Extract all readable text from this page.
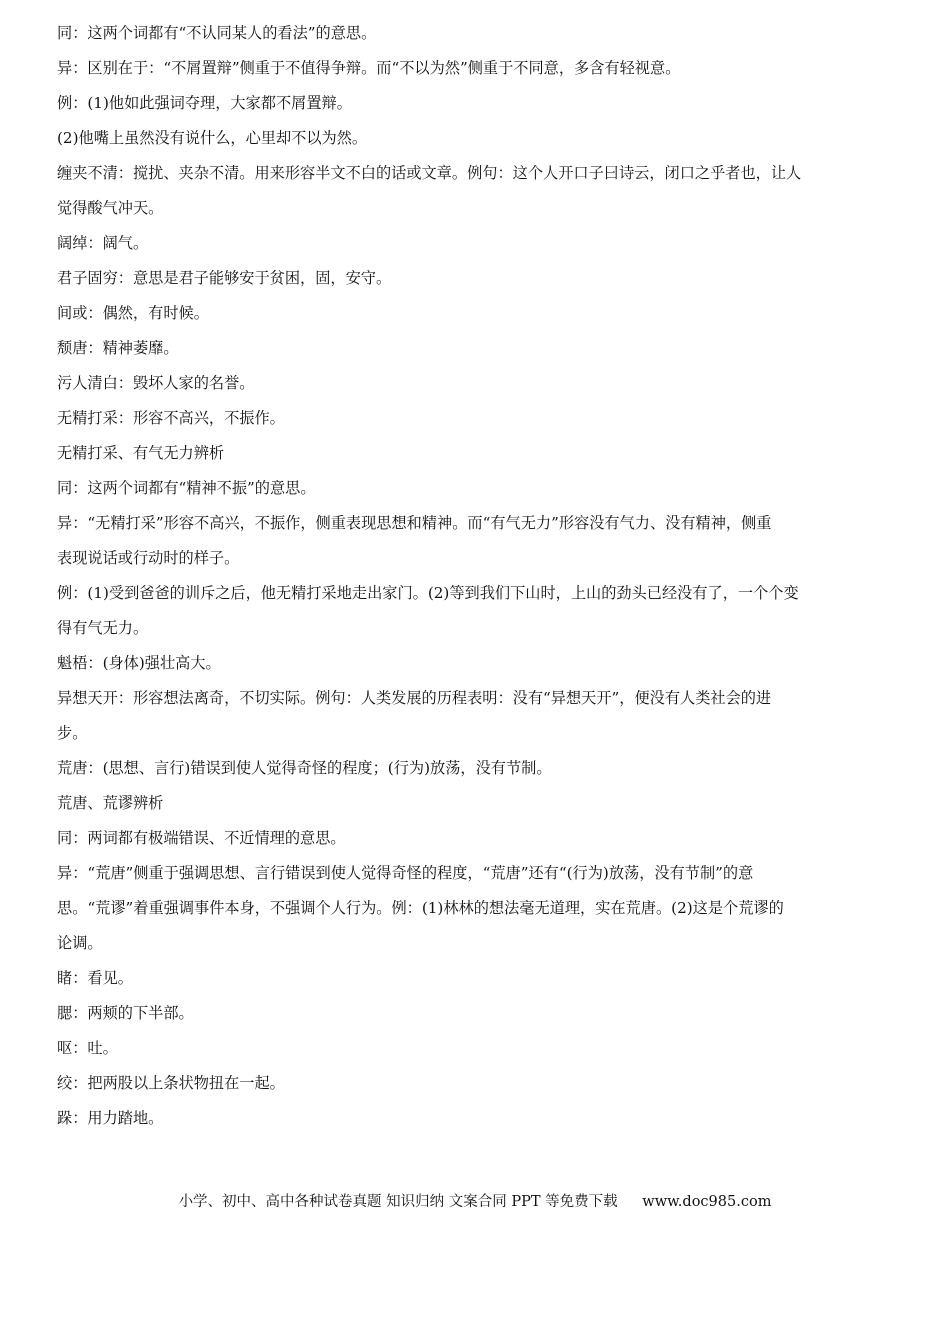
同：这两个词都有“不认同某人的看法”的意思。
异：区别在于：“不屑置辩”侧重于不值得争辩。而“不以为然”侧重于不同意，多含有轻视意。
例：(1)他如此强词夺理，大家都不屑置辩。
(2)他嘴上虽然没有说什么，心里却不以为然。
缠夹不清：搅扰、夹杂不清。用来形容半文不白的话或文章。例句：这个人开口子曰诗云，闭口之乎者也，让人
觉得酸气冲天。
阔绰：阔气。
君子固穷：意思是君子能够安于贫困，固，安守。
间或：偶然，有时候。
颓唐：精神萎靡。
污人清白：毁坏人家的名誉。
无精打采：形容不高兴，不振作。
无精打采、有气无力辨析
同：这两个词都有“精神不振”的意思。
异：“无精打采”形容不高兴，不振作，侧重表现思想和精神。而“有气无力”形容没有气力、没有精神，侧重
表现说话或行动时的样子。
例：(1)受到爸爸的训斥之后，他无精打采地走出家门。(2)等到我们下山时，上山的劲头已经没有了，一个个变
得有气无力。
魁梧：(身体)强壮高大。
异想天开：形容想法离奇，不切实际。例句：人类发展的历程表明：没有“异想天开”，便没有人类社会的进
步。
荒唐：(思想、言行)错误到使人觉得奇怪的程度；(行为)放荡，没有节制。
荒唐、荒谬辨析
同：两词都有极端错误、不近情理的意思。
异：“荒唐”侧重于强调思想、言行错误到使人觉得奇怪的程度，“荒唐”还有“(行为)放荡，没有节制”的意
思。“荒谬”着重强调事件本身，不强调个人行为。例：(1)林林的想法毫无道理，实在荒唐。(2)这是个荒谬的
论调。
睹：看见。
腮：两颊的下半部。
呕：吐。
绞：把两股以上条状物扭在一起。
跺：用力踏地。
小学、初中、高中各种试卷真题 知识归纳 文案合同 PPT 等免费下载 www.doc985.com
